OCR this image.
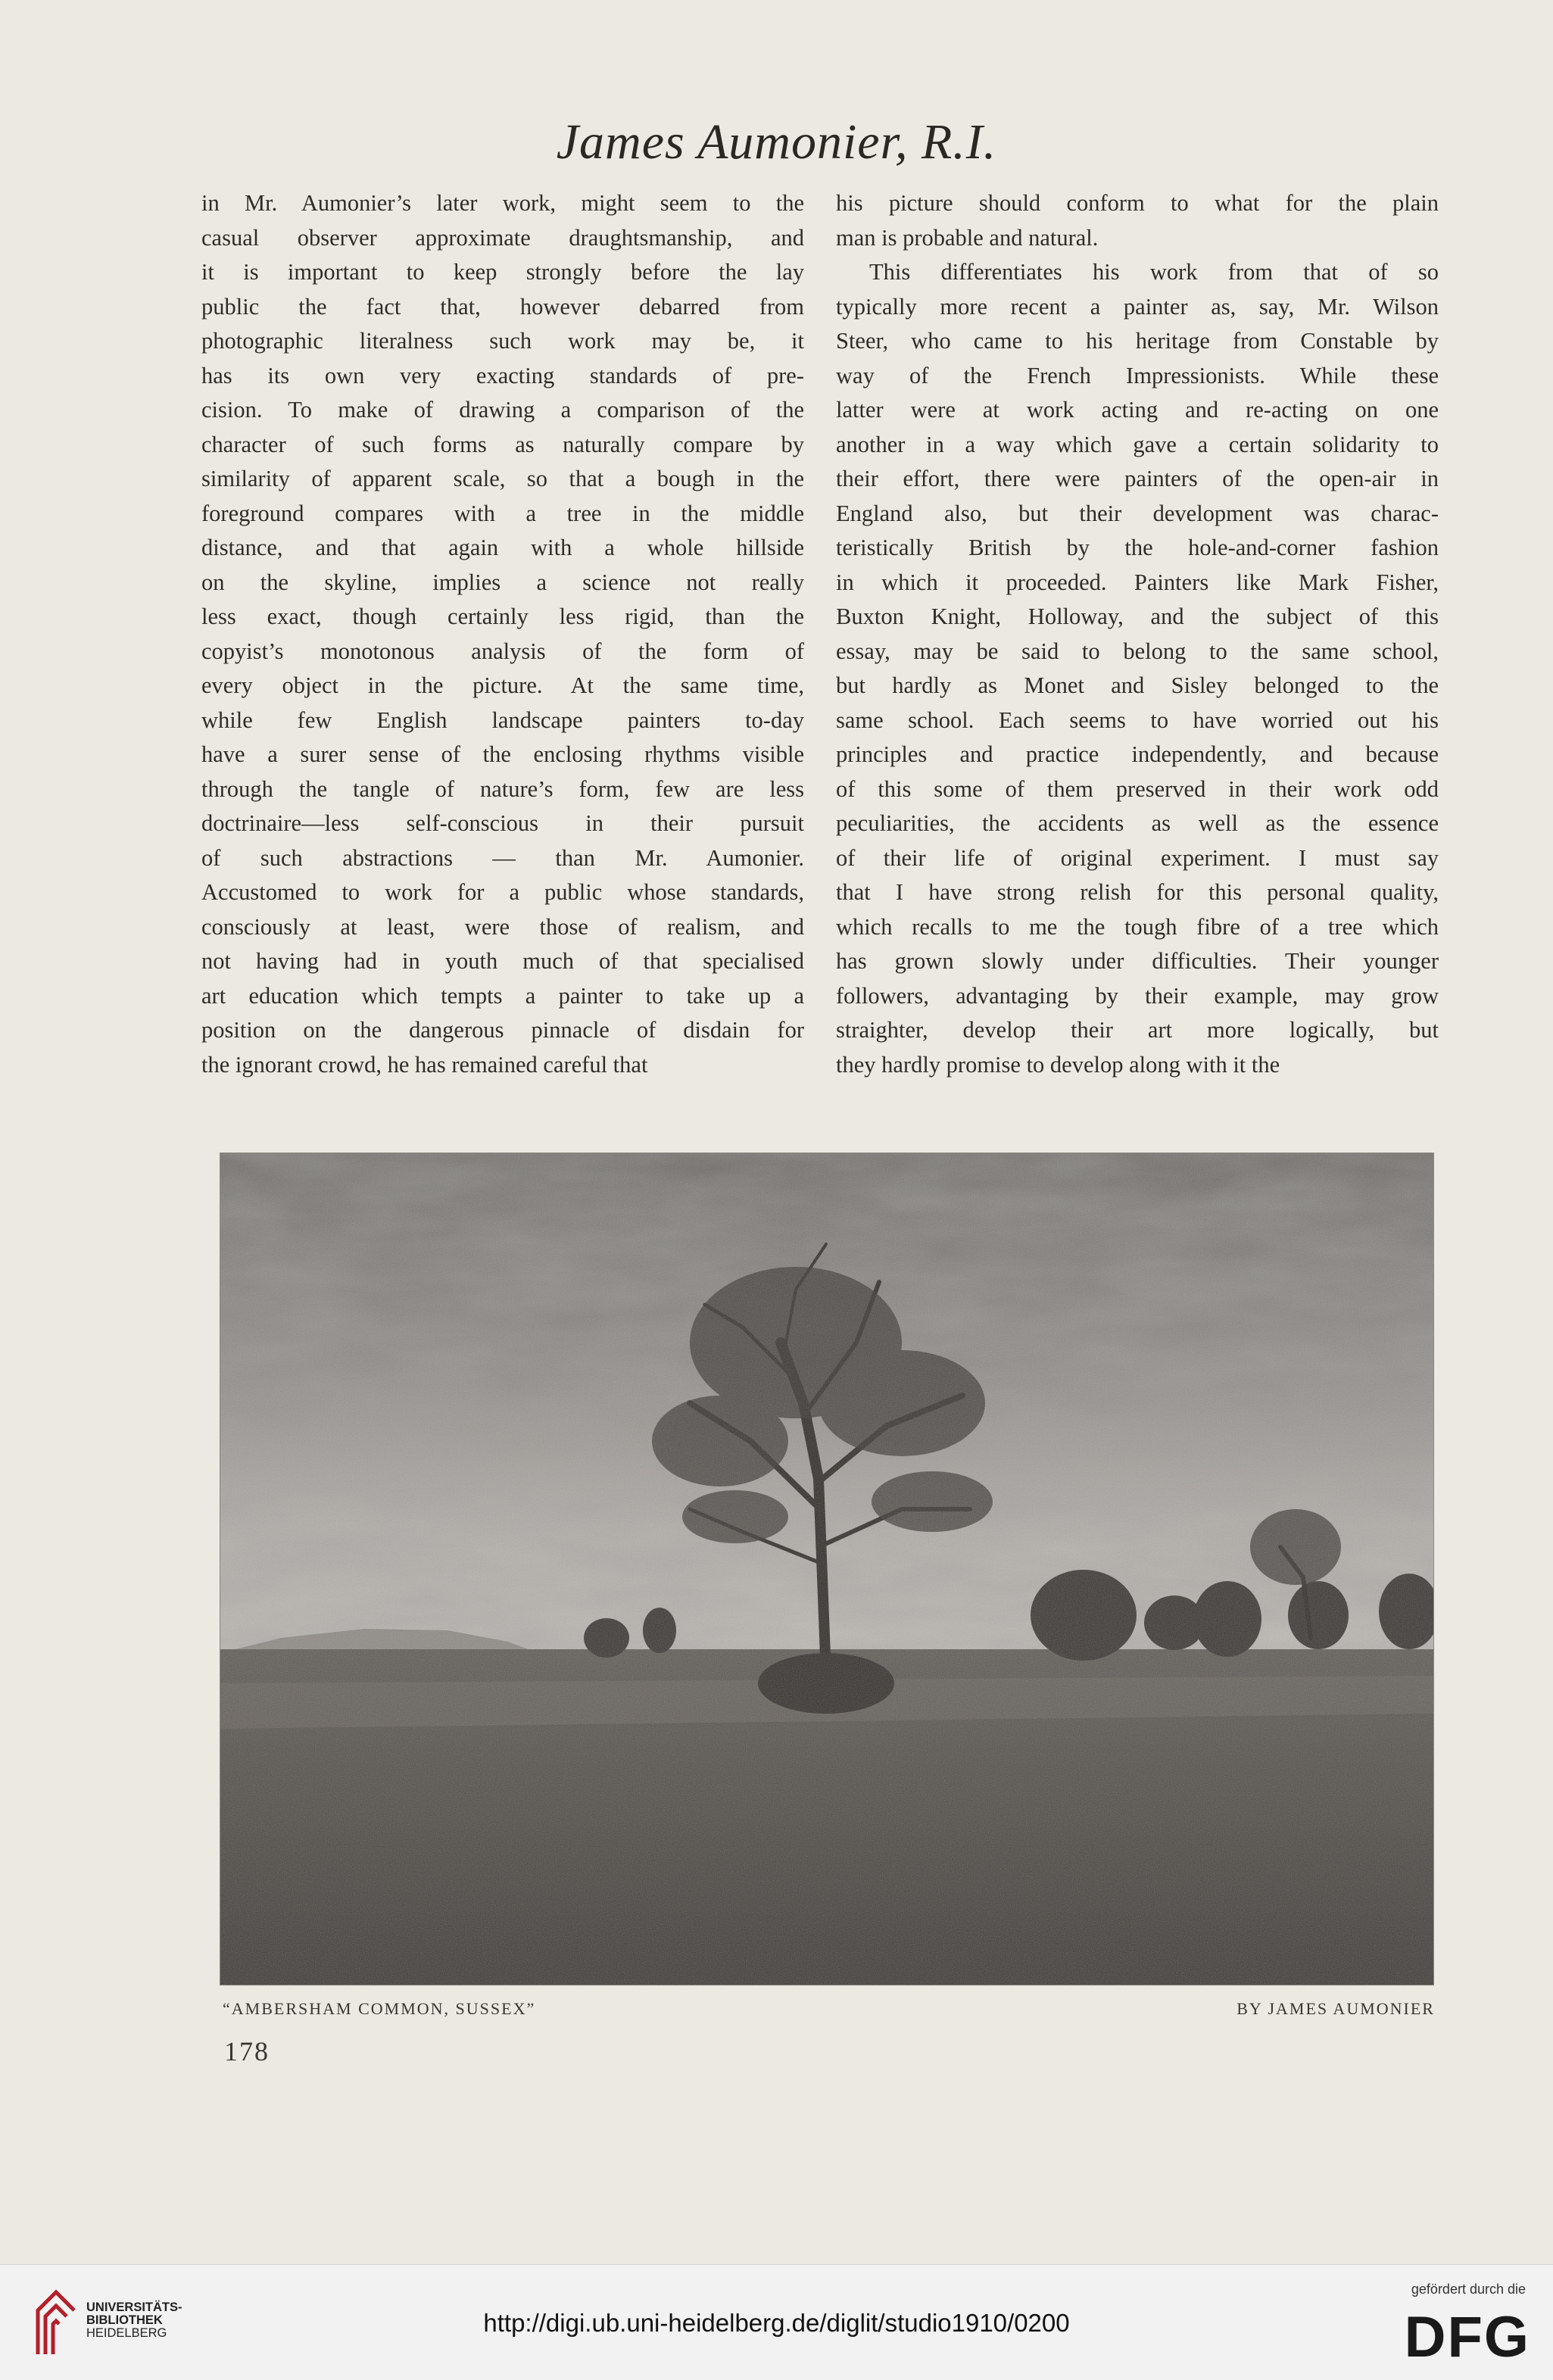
James Aumonier, R.I.
in Mr. Aumonier’s later work, might seem to the
casual observer approximate draughtsmanship, and
it is important to keep strongly before the lay
public the fact that, however debarred from
photographic literalness such work may be, it
has its own very exacting standards of pre-
cision. To make of drawing a comparison of the
character of such forms as naturally compare by
similarity of apparent scale, so that a bough in the
foreground compares with a tree in the middle
distance, and that again with a whole hillside
on the skyline, implies a science not really
less exact, though certainly less rigid, than the
copyist’s monotonous analysis of the form of
every object in the picture. At the same time,
while few English landscape painters to-day
have a surer sense of the enclosing rhythms visible
through the tangle of nature’s form, few are less
doctrinaire—less self-conscious in their pursuit
of such abstractions — than Mr. Aumonier.
Accustomed to work for a public whose standards,
consciously at least, were those of realism, and
not having had in youth much of that specialised
art education which tempts a painter to take up a
position on the dangerous pinnacle of disdain for
the ignorant crowd, he has remained careful that
his picture should conform to what for the plain
man is probable and natural.
This differentiates his work from that of so
typically more recent a painter as, say, Mr. Wilson
Steer, who came to his heritage from Constable by
way of the French Impressionists. While these
latter were at work acting and re-acting on one
another in a way which gave a certain solidarity to
their effort, there were painters of the open-air in
England also, but their development was charac-
teristically British by the hole-and-corner fashion
in which it proceeded. Painters like Mark Fisher,
Buxton Knight, Holloway, and the subject of this
essay, may be said to belong to the same school,
but hardly as Monet and Sisley belonged to the
same school. Each seems to have worried out his
principles and practice independently, and because
of this some of them preserved in their work odd
peculiarities, the accidents as well as the essence
of their life of original experiment. I must say
that I have strong relish for this personal quality,
which recalls to me the tough fibre of a tree which
has grown slowly under difficulties. Their younger
followers, advantaging by their example, may grow
straighter, develop their art more logically, but
they hardly promise to develop along with it the
“AMBERSHAM COMMON, SUSSEX”	BY JAMES AUMONIER
178
UNIVERSITÄTS-
BIBLIOTHEK
HEIDELBERG	http://digi.ub.uni-heidelberg.de/diglit/studio1910/0200
gefördert durch die
DFG
